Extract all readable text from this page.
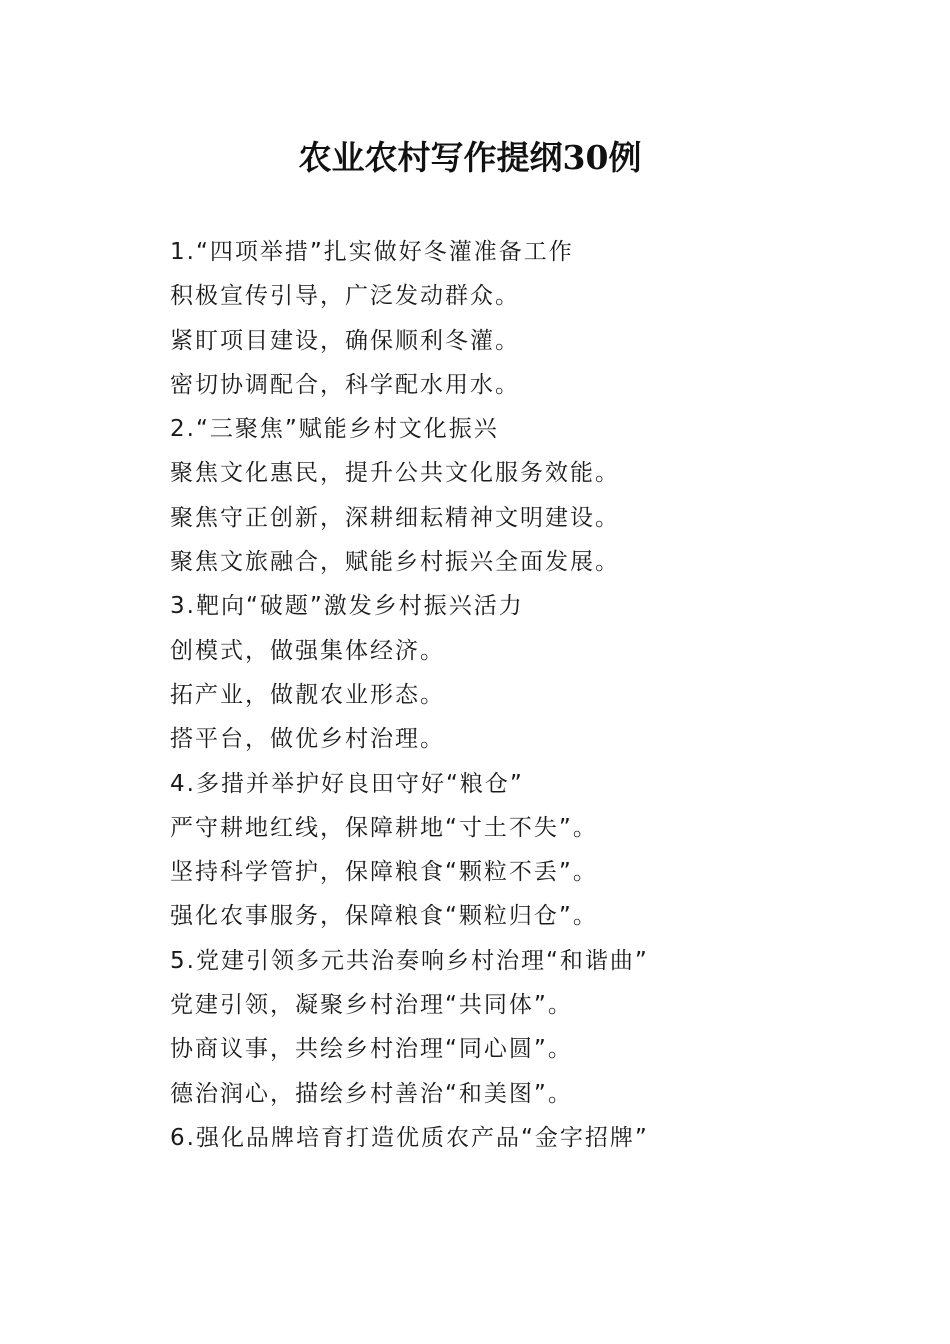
农业农村写作提纲30例
1.“四项举措”扎实做好冬灌准备工作
积极宣传引导，广泛发动群众。
紧盯项目建设，确保顺利冬灌。
密切协调配合，科学配水用水。
2.“三聚焦”赋能乡村文化振兴
聚焦文化惠民，提升公共文化服务效能。
聚焦守正创新，深耕细耘精神文明建设。
聚焦文旅融合，赋能乡村振兴全面发展。
3.靶向“破题”激发乡村振兴活力
创模式，做强集体经济。
拓产业，做靓农业形态。
搭平台，做优乡村治理。
4.多措并举护好良田守好“粮仓”
严守耕地红线，保障耕地“寸土不失”。
坚持科学管护，保障粮食“颗粒不丢”。
强化农事服务，保障粮食“颗粒归仓”。
5.党建引领多元共治奏响乡村治理“和谐曲”
党建引领，凝聚乡村治理“共同体”。
协商议事，共绘乡村治理“同心圆”。
德治润心，描绘乡村善治“和美图”。
6.强化品牌培育打造优质农产品“金字招牌”
